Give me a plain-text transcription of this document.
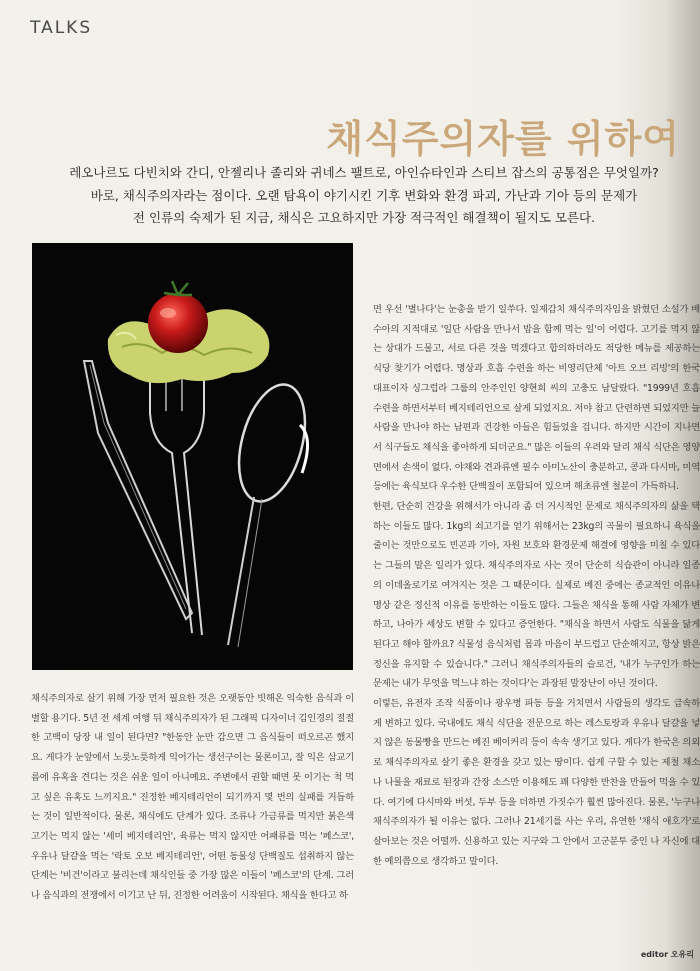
TALKS
채식주의자를 위하여
레오나르도 다빈치와 간디, 안젤리나 졸리와 귀네스 팰트로, 아인슈타인과 스티브 잡스의 공통점은 무엇일까?
바로, 채식주의자라는 점이다. 오랜 탐욕이 야기시킨 기후 변화와 환경 파괴, 가난과 기아 등의 문제가
전 인류의 숙제가 된 지금, 채식은 고요하지만 가장 적극적인 해결책이 될지도 모른다.
채식주의자로 살기 위해 가장 먼저 필요한 것은 오랫동안 빗해온 익숙한 음식과 이별할 용기다. 5년 전 세계 여행 뒤 채식주의자가 된 그래픽 디자이너 김인경의 절절한 고백이 당장 내 일이 된다면? "한동안 눈만 감으면 그 음식들이 떠오르곤 했지요. 게다가 눈앞에서 노릇노릇하게 익어가는 생선구이는 물론이고, 잘 익은 삼교기름에 유혹을 견디는 것은 쉬운 일이 아니예요. 주변에서 권할 때면 못 이기는 척 먹고 싶은 유혹도 느끼지요." 진정한 베지테리언이 되기까지 몇 번의 실패를 거듭하는 것이 일반적이다. 물론, 채식에도 단계가 있다. 조류나 가금류를 먹지만 붉은색 고기는 먹지 않는 '세미 베지테리언', 육류는 먹지 않지만 어패류를 먹는 '페스코', 우유나 달걀을 먹는 '락토 오보 베지테리언', 어떤 동물성 단백질도 섭취하지 않는 단계는 '비건'이라고 불리는데 채식인들 중 가장 많은 이들이 '페스코'의 단계. 그러나 음식과의 전쟁에서 이기고 난 뒤, 진정한 어려움이 시작된다. 채식을 한다고 하

면 우선 '별나다'는 눈총을 받기 일쑤다. 일제감치 채식주의자임을 밝혔던 소설가 배수아의 지적대로 '일단 사람을 만나서 밥을 함께 먹는 일'이 어렵다. 고기를 먹지 않는 상대가 드물고, 서로 다른 것을 먹겠다고 합의하더라도 적당한 메뉴를 제공하는 식당 찾기가 어렵다. 명상과 호흡 수련을 하는 비영리단체 '아트 오브 리빙'의 한국 대표이자 싱그럽라 그룹의 안주인인 양현희 씨의 고충도 남달랐다. "1999년 호흡 수련을 하면서부터 베지테리언으로 살게 되었지요. 저야 참고 단련하면 되었지만 늘 사람을 만나야 하는 남편과 건강한 아들은 힘들었을 겁니다. 하지만 시간이 지나면서 식구들도 채식을 좋아하게 되더군요." 많은 이들의 우려와 달리 채식 식단은 영양면에서 손색이 없다. 야채와 견과류엔 필수 아미노산이 충분하고, 콩과 다시마, 미역 등에는 육식보다 우수한 단백질이 포함되어 있으며 해초류엔 철분이 가득하니.

한편, 단순히 건강을 위해서가 아니라 좀 더 거시적인 문제로 채식주의자의 삶을 택하는 이들도 많다. 1kg의 쇠고기를 얻기 위해서는 23kg의 곡물이 필요하니 육식을 줄이는 것만으로도 빈곤과 기아, 자원 보호와 환경문제 해결에 영향을 미칠 수 있다는 그들의 말은 일리가 있다. 채식주의자로 사는 것이 단순히 식습관이 아니라 일종의 이데올로기로 여겨지는 것은 그 때문이다. 실제로 베진 중에는 종교적인 이유나 명상 같은 정신적 이유를 동반하는 이들도 많다. 그들은 채식을 통해 사람 자체가 변하고, 나아가 세상도 변할 수 있다고 증언한다. "채식을 하면서 사람도 식물을 닮게 된다고 해야 할까요? 식물성 음식처럼 몸과 마음이 부드럽고 단순해지고, 항상 밝은 정신을 유지할 수 있습니다." 그러니 채식주의자들의 슬로건, '내가 누구인가 하는 문제는 내가 무엇을 먹느냐 하는 것이다'는 과장된 말장난이 아닌 것이다.

이렇든, 유전자 조작 식품이나 광우병 파동 등을 거치면서 사람들의 생각도 급속하게 변하고 있다. 국내에도 채식 식단을 전문으로 하는 레스토랑과 우유나 달걀을 넣지 않은 동물빵을 만드는 베진 베이커리 등이 속속 생기고 있다. 게다가 한국은 의외로 채식주의자로 살기 좋은 환경을 갖고 있는 땅이다. 쉽게 구할 수 있는 제철 채소나 나물을 재료로 된장과 간장 소스만 이용해도 꽤 다양한 반찬을 만들어 먹을 수 있다. 여기에 다시마와 버섯, 두부 등을 더하면 가짓수가 훨씬 많아진다. 물론, '누구나 채식주의자가 될 이유는 없다. 그러나 21세기를 사는 우리, 유연한 '채식 애호가'로 살아보는 것은 어떨까. 신용하고 있는 지구와 그 안에서 고군분투 중인 나 자신에 대한 예의쯤으로 생각하고 말이다.

editor 오유리
